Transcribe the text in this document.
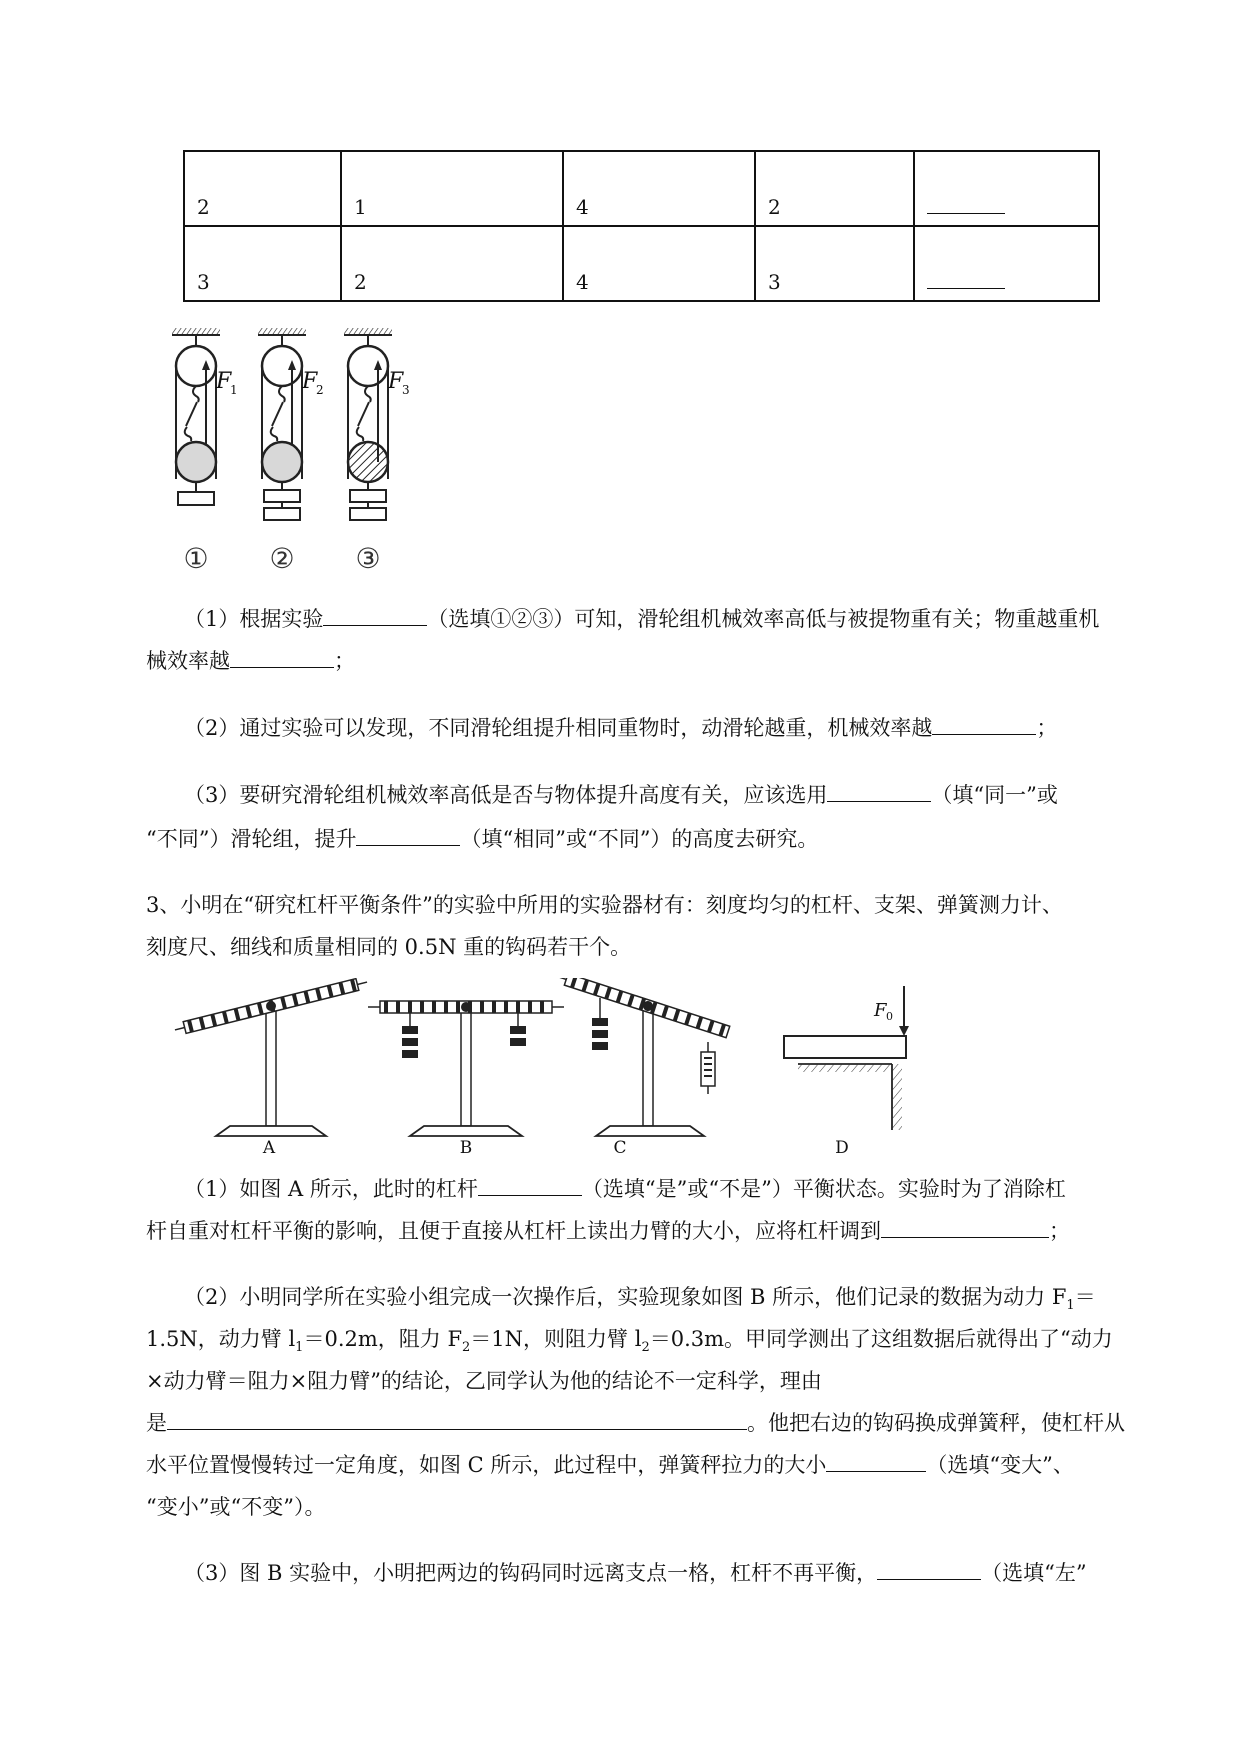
2	1	4	2	
3	2	4	3	
F
1
①
F
2
②
F
3
③
（1）根据实验	（选填①②③）可知，滑轮组机械效率高低与被提物重有关；物重越重机
械效率越	；
（2）通过实验可以发现，不同滑轮组提升相同重物时，动滑轮越重，机械效率越	；
（3）要研究滑轮组机械效率高低是否与物体提升高度有关，应该选用	（填“同一”或
“不同”）滑轮组，提升	（填“相同”或“不同”）的高度去研究。
3、小明在“研究杠杆平衡条件”的实验中所用的实验器材有：刻度均匀的杠杆、支架、弹簧测力计、
刻度尺、细线和质量相同的 0.5N 重的钩码若干个。
A	B	C
F 0
D
（1）如图 A 所示，此时的杠杆	（选填“是”或“不是”）平衡状态。实验时为了消除杠
杆自重对杠杆平衡的影响，且便于直接从杠杆上读出力臂的大小，应将杠杆调到	；
（2）小明同学所在实验小组完成一次操作后，实验现象如图 B 所示，他们记录的数据为动力 $F_1=$
1.5N，动力臂 $l_1=0.2m$，阻力 $F_2=1N$，则阻力臂 $l_2=0.3m$。甲同学测出了这组数据后就得出了“动力
×动力臂＝阻力×阻力臂”的结论，乙同学认为他的结论不一定科学，理由
是	。他把右边的钩码换成弹簧秤，使杠杆从
水平位置慢慢转过一定角度，如图 C 所示，此过程中，弹簧秤拉力的大小	（选填“变大”、
“变小”或“不变”）。
（3）图 B 实验中，小明把两边的钩码同时远离支点一格，杠杆不再平衡，	（选填“左”
